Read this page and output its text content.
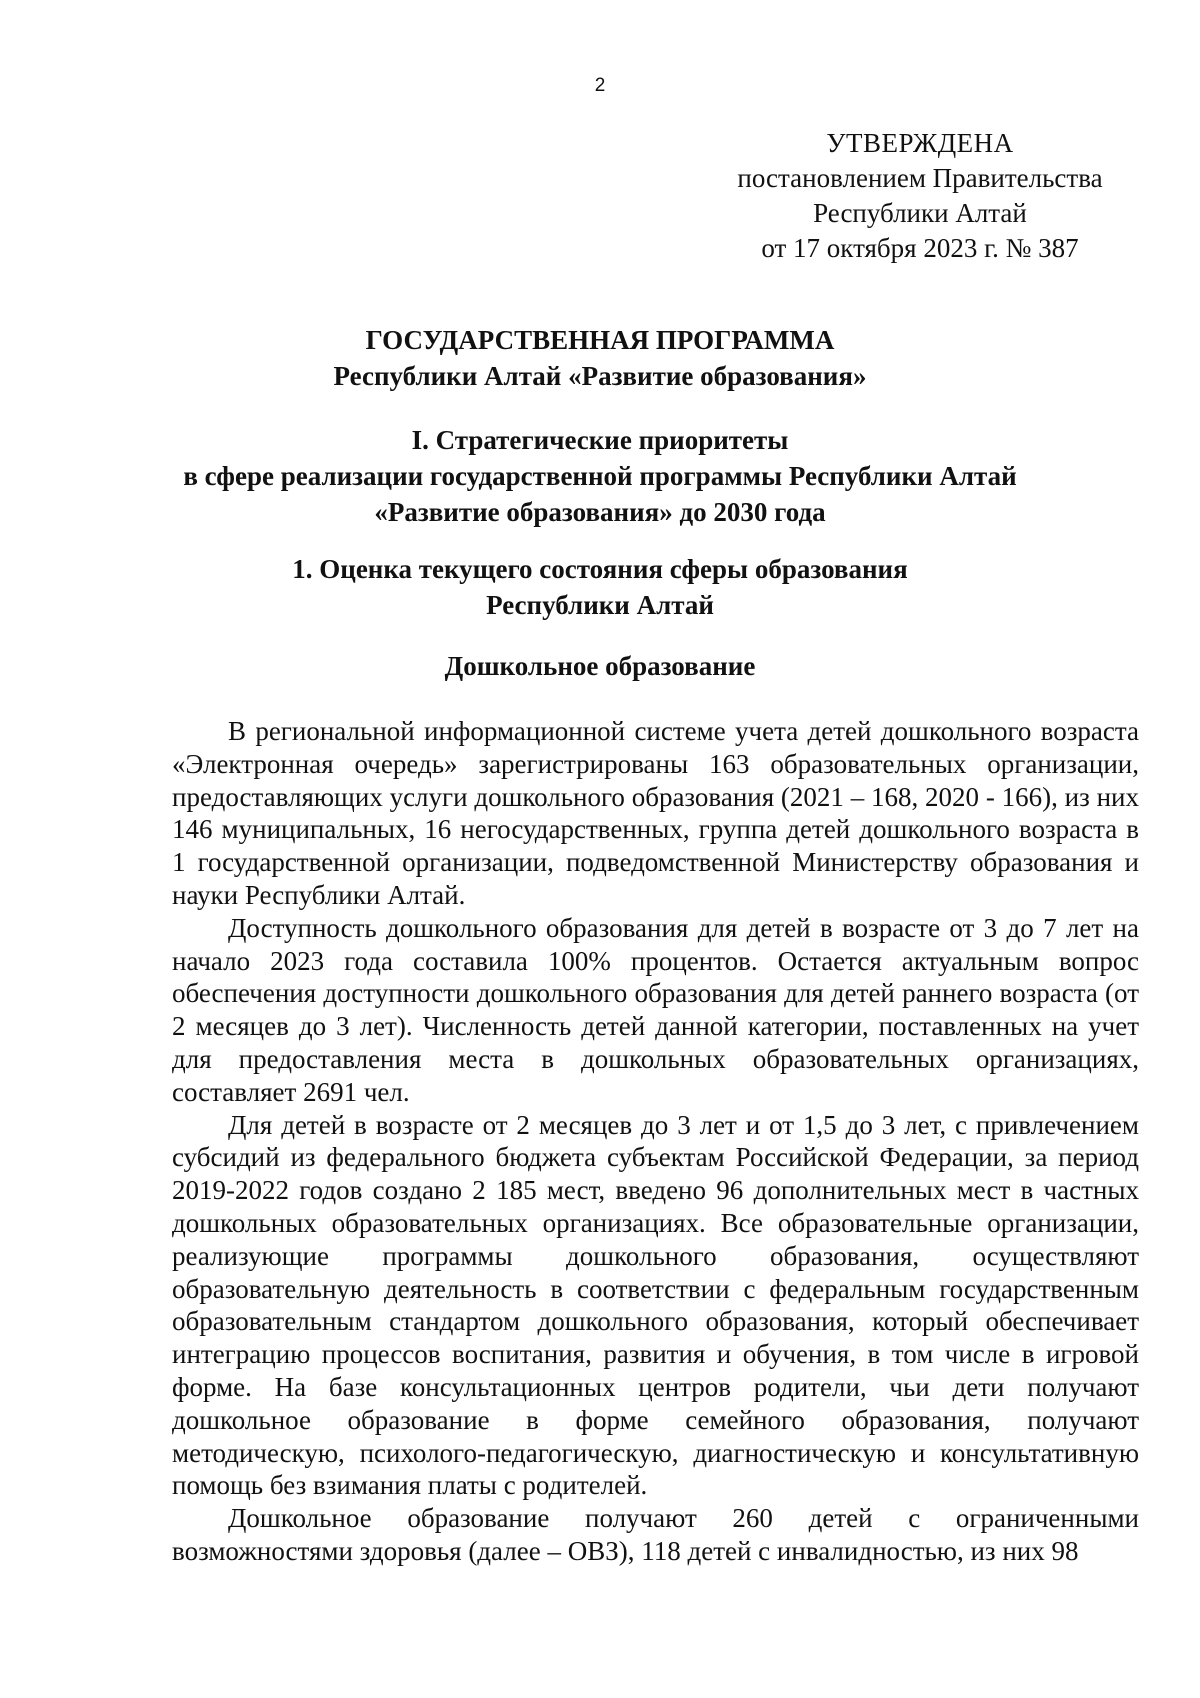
2
УТВЕРЖДЕНА
постановлением Правительства
Республики Алтай
от 17 октября 2023 г. № 387
ГОСУДАРСТВЕННАЯ ПРОГРАММА
Республики Алтай «Развитие образования»
I. Стратегические приоритеты
в сфере реализации государственной программы Республики Алтай
«Развитие образования» до 2030 года
1. Оценка текущего состояния сферы образования
Республики Алтай
Дошкольное образование

В региональной информационной системе учета детей дошкольного возраста «Электронная очередь» зарегистрированы 163 образовательных организации, предоставляющих услуги дошкольного образования (2021 – 168, 2020 - 166), из них 146 муниципальных, 16 негосударственных, группа детей дошкольного возраста в 1 государственной организации, подведомственной Министерству образования и науки Республики Алтай.

Доступность дошкольного образования для детей в возрасте от 3 до 7 лет на начало 2023 года составила 100% процентов. Остается актуальным вопрос обеспечения доступности дошкольного образования для детей раннего возраста (от 2 месяцев до 3 лет). Численность детей данной категории, поставленных на учет для предоставления места в дошкольных образовательных организациях, составляет 2691 чел.

Для детей в возрасте от 2 месяцев до 3 лет и от 1,5 до 3 лет, с привлечением субсидий из федерального бюджета субъектам Российской Федерации, за период 2019-2022 годов создано 2 185 мест, введено 96 дополнительных мест в частных дошкольных образовательных организациях. Все образовательные организации, реализующие программы дошкольного образования, осуществляют образовательную деятельность в соответствии с федеральным государственным образовательным стандартом дошкольного образования, который обеспечивает интеграцию процессов воспитания, развития и обучения, в том числе в игровой форме. На базе консультационных центров родители, чьи дети получают дошкольное образование в форме семейного образования, получают методическую, психолого-педагогическую, диагностическую и консультативную помощь без взимания платы с родителей.

Дошкольное образование получают 260 детей с ограниченными возможностями здоровья (далее – ОВЗ), 118 детей с инвалидностью, из них 98
